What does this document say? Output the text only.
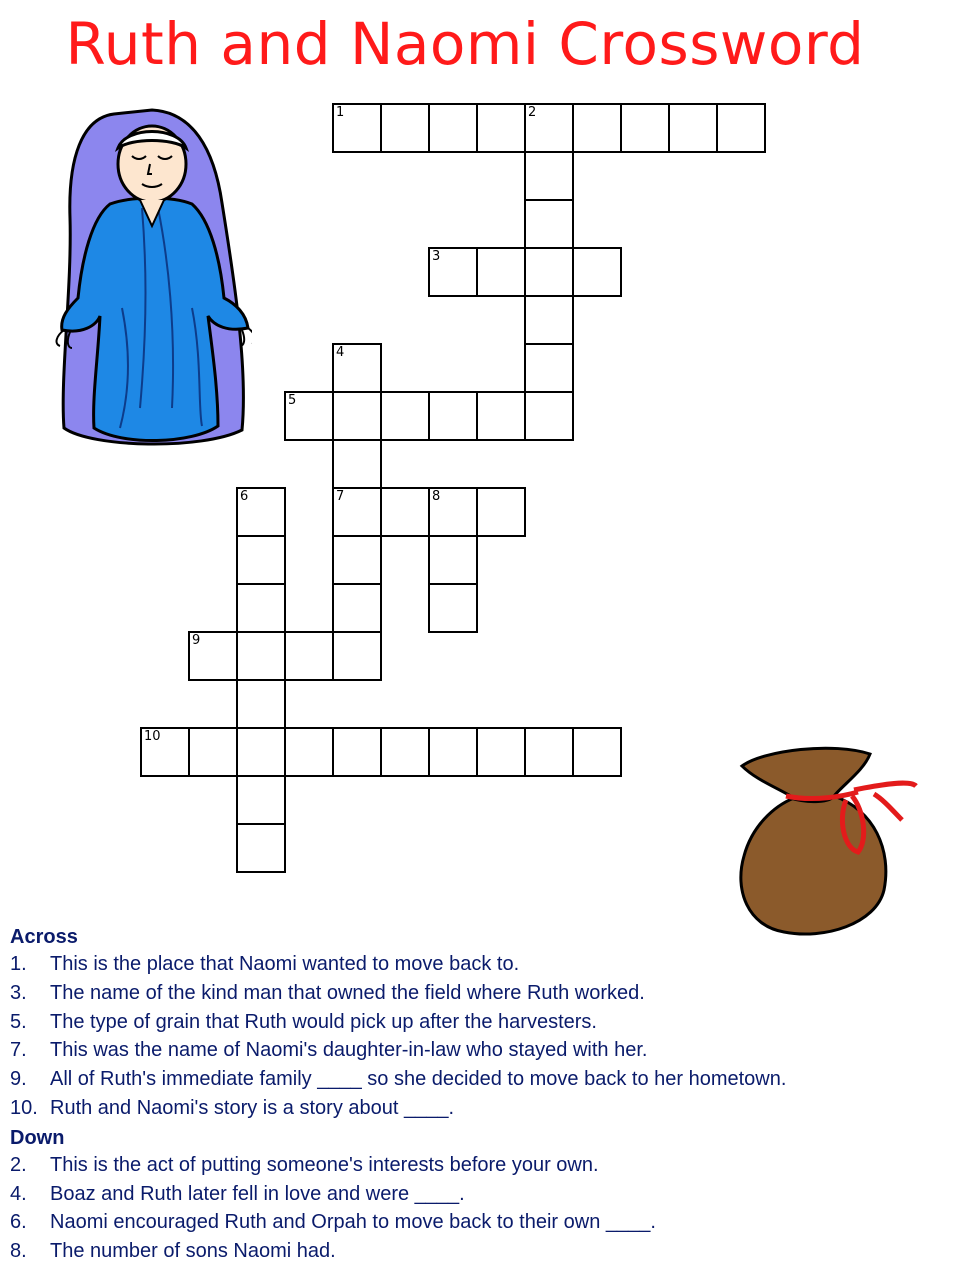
Ruth and Naomi Crossword
1	2
3
4
7
5
6	8
9
10
Across
1. This is the place that Naomi wanted to move back to.
3. The name of the kind man that owned the field where Ruth worked.
5. The type of grain that Ruth would pick up after the harvesters.
7. This was the name of Naomi's daughter-in-law who stayed with her.
9. All of Ruth's immediate family ____ so she decided to move back to her hometown.
10. Ruth and Naomi's story is a story about ____.
Down
2. This is the act of putting someone's interests before your own.
4. Boaz and Ruth later fell in love and were ____.
6. Naomi encouraged Ruth and Orpah to move back to their own ____.
8. The number of sons Naomi had.
